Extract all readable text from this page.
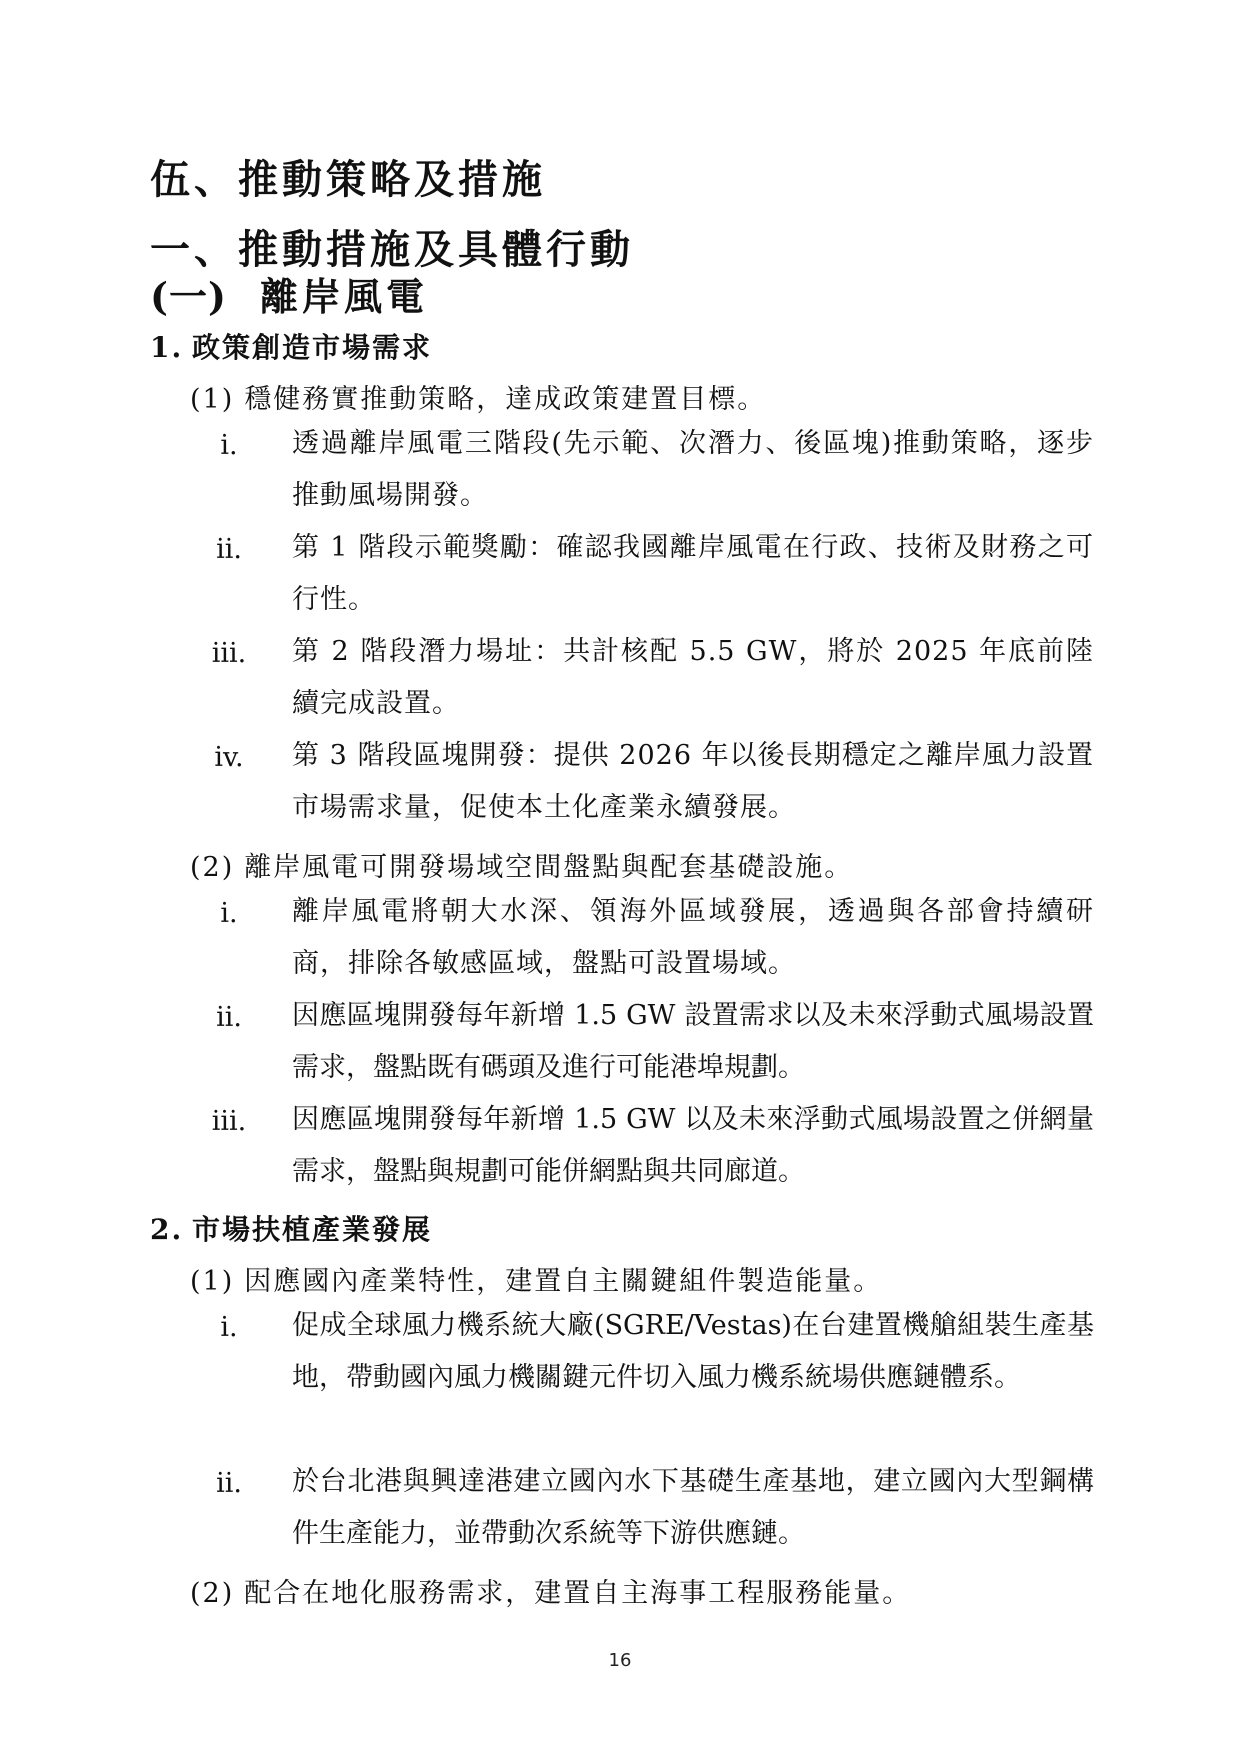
伍、推動策略及措施
一、推動措施及具體行動
(一) 離岸風電
1. 政策創造市場需求
(1) 穩健務實推動策略，達成政策建置目標。
i.	透過離岸風電三階段(先示範、次潛力、後區塊)推動策略，逐步推動風場開發。
ii.	第 1 階段示範獎勵：確認我國離岸風電在行政、技術及財務之可行性。
iii.	第 2 階段潛力場址：共計核配 5.5 GW，將於 2025 年底前陸續完成設置。
iv.	第 3 階段區塊開發：提供 2026 年以後長期穩定之離岸風力設置市場需求量，促使本土化產業永續發展。
(2) 離岸風電可開發場域空間盤點與配套基礎設施。
i.	離岸風電將朝大水深、領海外區域發展，透過與各部會持續研商，排除各敏感區域，盤點可設置場域。
ii.	因應區塊開發每年新增 1.5 GW 設置需求以及未來浮動式風場設置需求，盤點既有碼頭及進行可能港埠規劃。
iii.	因應區塊開發每年新增 1.5 GW 以及未來浮動式風場設置之併網量需求，盤點與規劃可能併網點與共同廊道。
2. 市場扶植產業發展
(1) 因應國內產業特性，建置自主關鍵組件製造能量。
i.	促成全球風力機系統大廠(SGRE/Vestas)在台建置機艙組裝生產基地，帶動國內風力機關鍵元件切入風力機系統場供應鏈體系。
ii.	於台北港與興達港建立國內水下基礎生產基地，建立國內大型鋼構件生產能力，並帶動次系統等下游供應鏈。
(2) 配合在地化服務需求，建置自主海事工程服務能量。
16
